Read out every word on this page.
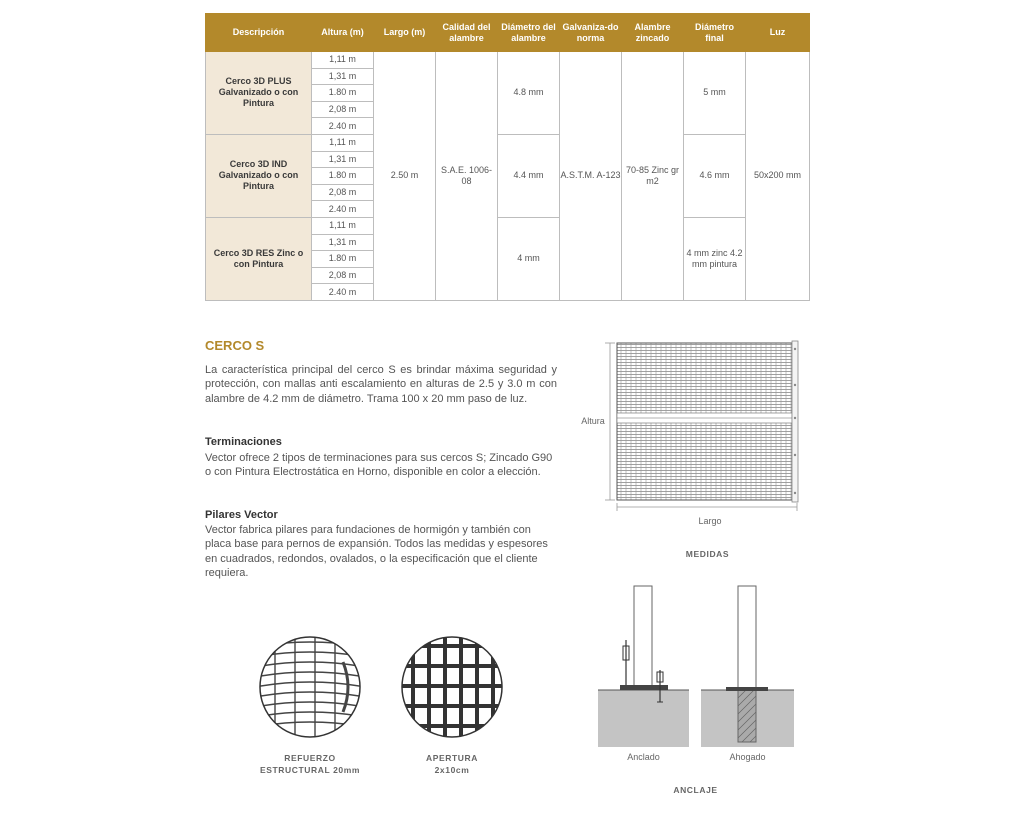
Descripción	Altura (m)	Largo (m)	Calidad del alambre	Diámetro del alambre	Galvaniza-do norma	Alambre zincado	Diámetro final	Luz
Cerco 3D PLUS Galvanizado o con Pintura	1,11 m	2.50 m	S.A.E. 1006-08	4.8 mm	A.S.T.M. A-123	70-85 Zinc gr m2	5 mm	50x200 mm
	1,31 m							
	1.80 m							
	2,08 m							
	2.40 m							
Cerco 3D IND Galvanizado o con Pintura	1,11 m			4.4 mm			4.6 mm	
	1,31 m							
	1.80 m							
	2,08 m							
	2.40 m							
Cerco 3D RES Zinc o con Pintura	1,11 m			4 mm			4 mm zinc 4.2 mm pintura	
	1,31 m							
	1.80 m							
	2,08 m							
	2.40 m							
CERCO S

La característica principal del cerco S es brindar máxima seguridad y protección, con mallas anti escalamiento en alturas de 2.5 y 3.0 m con alambre de 4.2 mm de diámetro. Trama 100 x 20 mm paso de luz.

Terminaciones

Vector ofrece 2 tipos de terminaciones para sus cercos S; Zincado G90 o con Pintura Electrostática en Horno, disponible en color a elección.

Pilares Vector

Vector fabrica pilares para fundaciones de hormigón y también con placa base para pernos de expansión. Todos las medidas y espesores en cuadrados, redondos, ovalados, o la especificación que el cliente requiera.

Altura
Largo
MEDIDAS
REFUERZO
ESTRUCTURAL 20mm
APERTURA
2x10cm
Anclado	Ahogado
ANCLAJE
